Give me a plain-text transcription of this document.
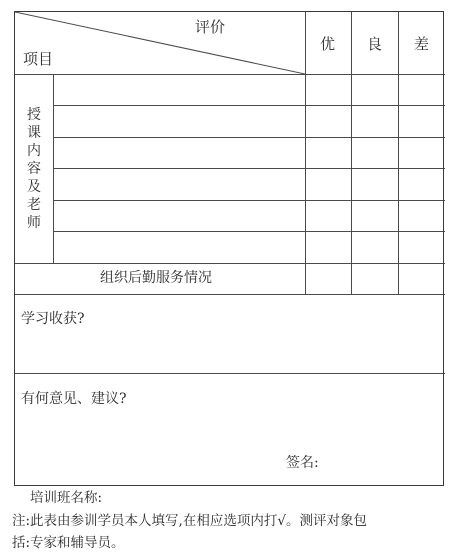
评价
项目
优 良 差
授课内容及老师
组织后勤服务情况
学习收获?
有何意见、建议?
签名:
培训班名称:
注:此表由参训学员本人填写,在相应选项内打√。测评对象包
括:专家和辅导员。
